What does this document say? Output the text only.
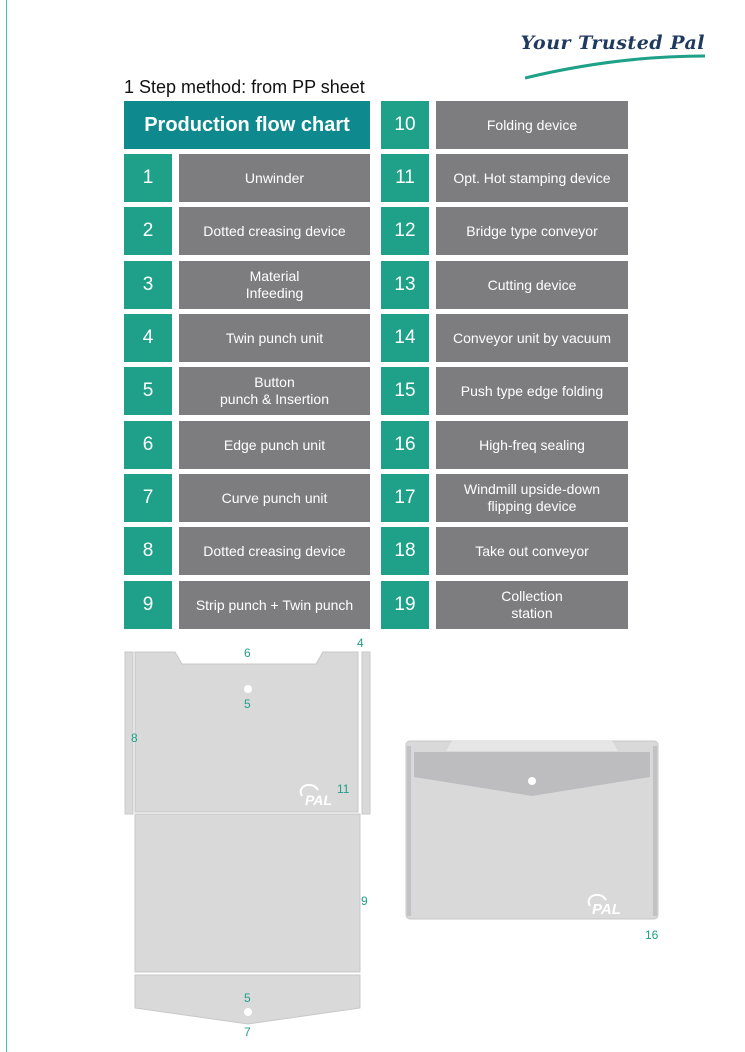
Your Trusted Pal
1 Step method: from PP sheet
Production flow chart
1	Unwinder
2	Dotted creasing device
3	Material
Infeeding
4	Twin punch unit
5	Button
punch & Insertion
6	Edge punch unit
7	Curve punch unit
8	Dotted creasing device
9	Strip punch + Twin punch
10	Folding device
11	Opt. Hot stamping device
12	Bridge type conveyor
13	Cutting device
14	Conveyor unit by vacuum
15	Push type edge folding
16	High-freq sealing
17	Windmill upside-down
flipping device
18	Take out conveyor
19	Collection
station
PAL
6
4
5
8
11
9
5
7
PAL
16
